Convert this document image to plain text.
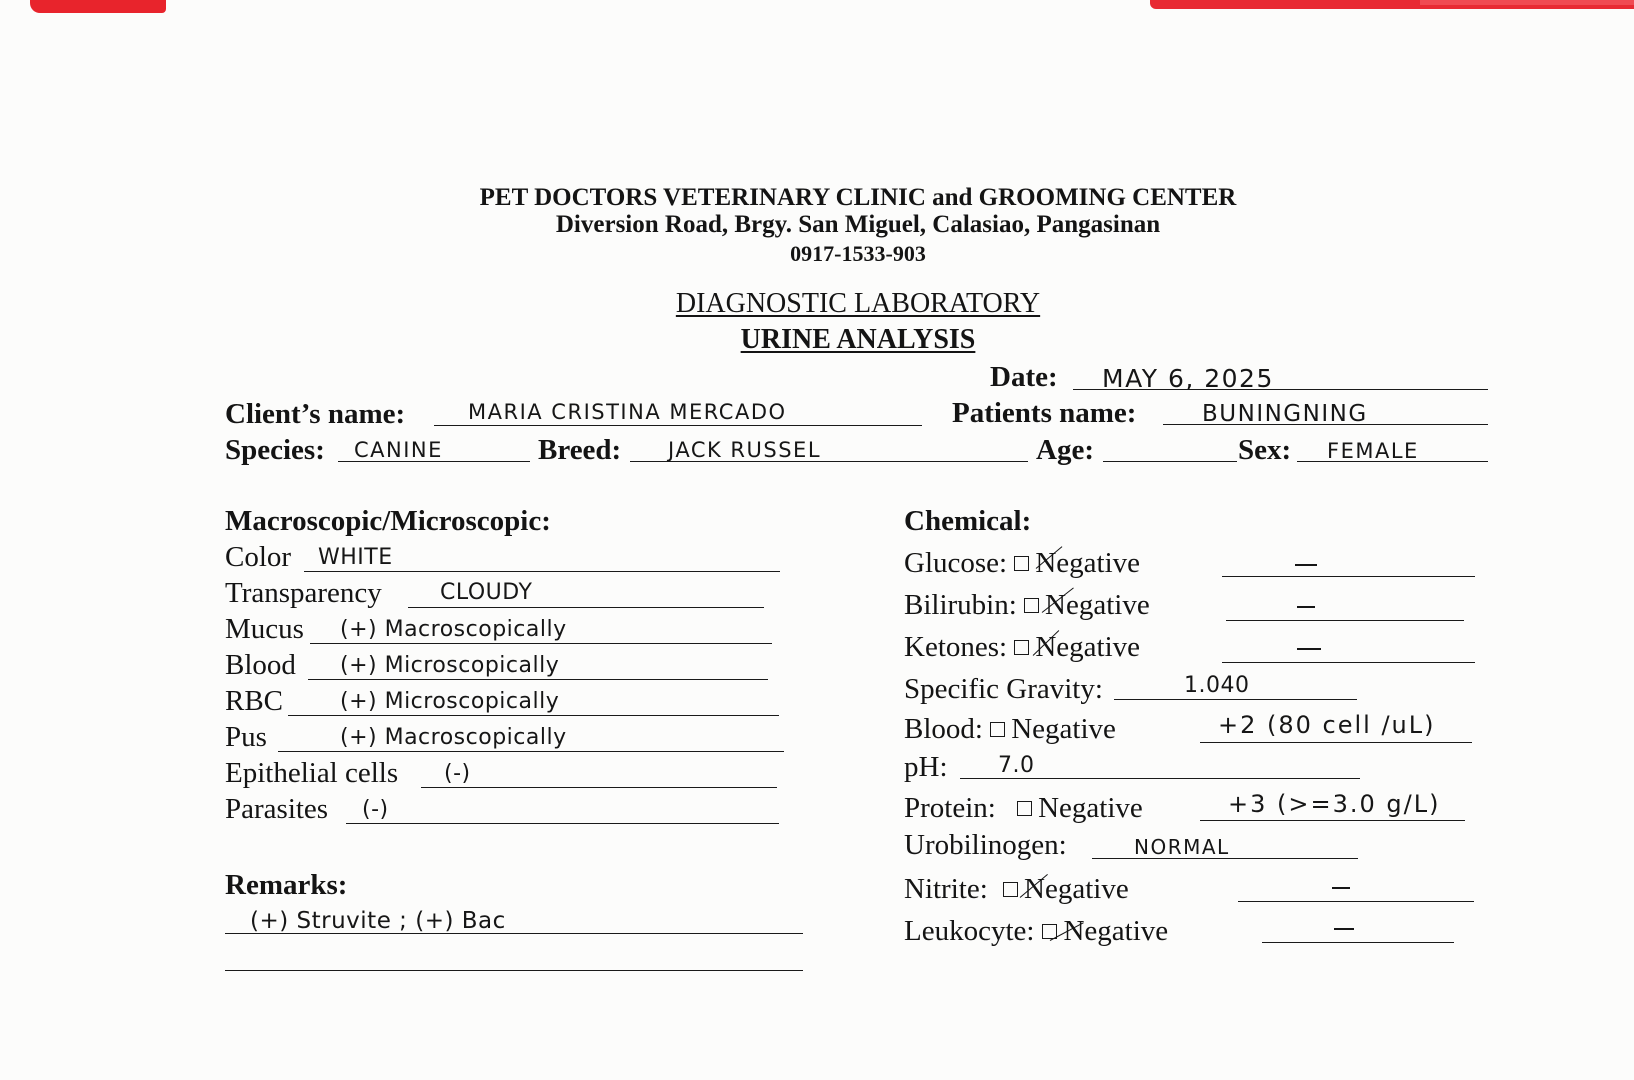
PET DOCTORS VETERINARY CLINIC and GROOMING CENTER
Diversion Road, Brgy. San Miguel, Calasiao, Pangasinan
0917-1533-903
DIAGNOSTIC LABORATORY
URINE ANALYSIS
Date: MAY 6, 2025
Client’s name:	MARIA CRISTINA MERCADO	Patients name:	BUNINGNING
Species: CANINE	Breed: JACK RUSSEL	Age:	Sex: FEMALE
Macroscopic/Microscopic:
Color WHITE
Transparency	CLOUDY
Mucus (+) Macroscopically
Blood (+) Microscopically
RBC	(+) Microscopically
Pus	(+) Macroscopically
Epithelial cells (-)
Parasites (-)
Remarks:
(+) Struvite ; (+) Bac
Chemical:
Glucose: Negative
Bilirubin: Negative
Ketones: Negative
Specific Gravity:	1.040
Blood: Negative	+2 (80 cell /uL)
pH: 7.0
Protein: Negative	+3 (>=3.0 g/L)
Urobilinogen:	NORMAL
Nitrite: Negative
Leukocyte: Negative
